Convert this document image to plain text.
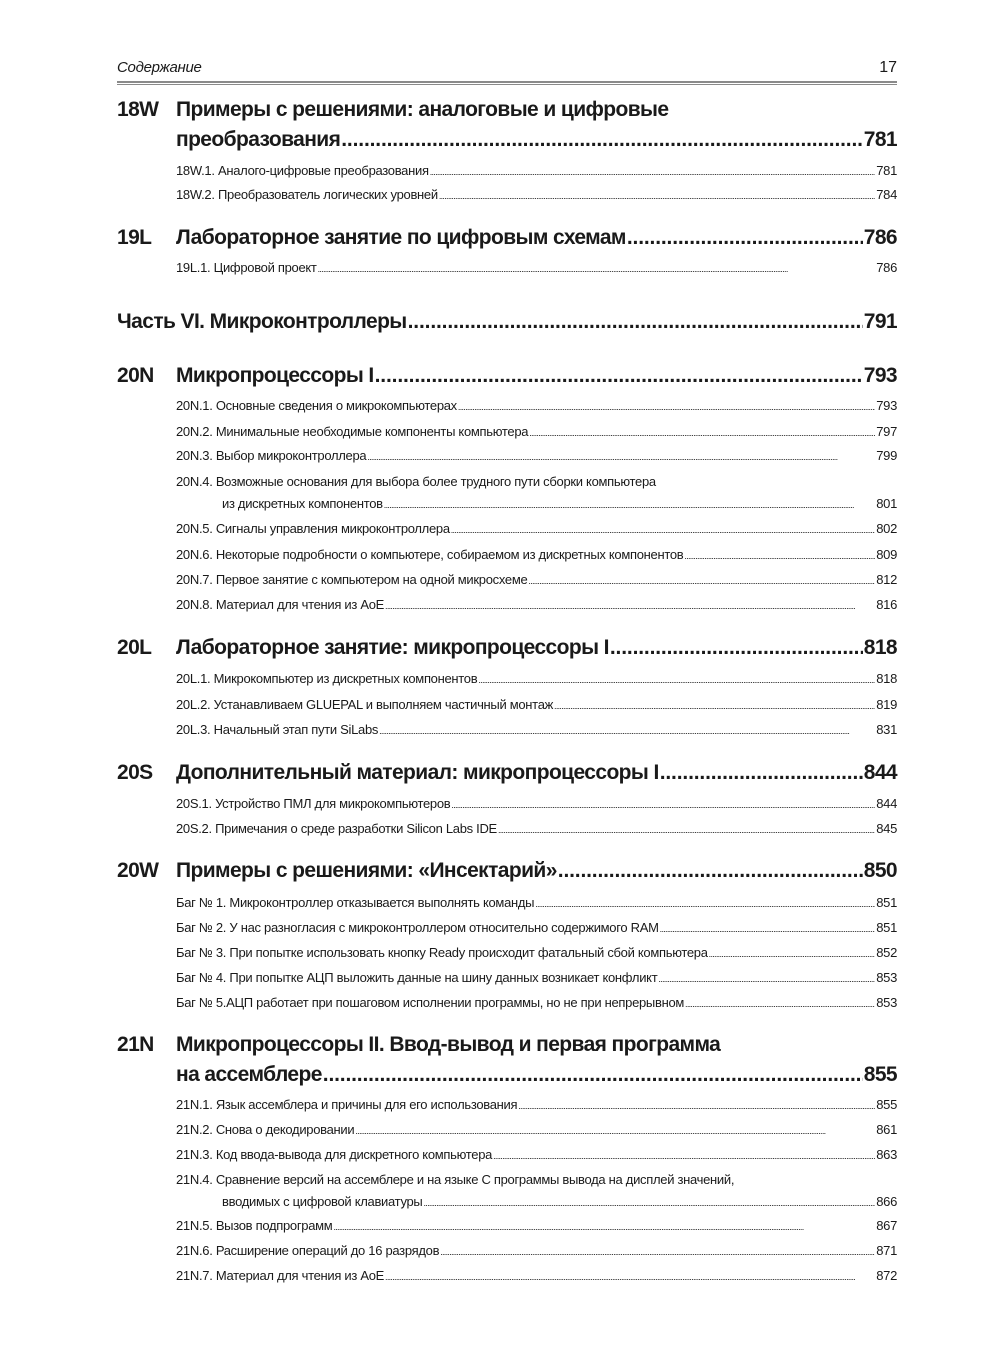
Содержание	17
18W Примеры с решениями: аналоговые и цифровые
преобразования . . .	781
18W.1. Аналого-цифровые преобразования . . .	781
18W.2. Преобразователь логических уровней . . .	784
19L Лабораторное занятие по цифровым схемам . . .	786
19L.1. Цифровой проект . . .	786
Часть VI. Микроконтроллеры . . .	791
20N Микропроцессоры I . . .	793
20N.1. Основные сведения о микрокомпьютерах . . .	793
20N.2. Минимальные необходимые компоненты компьютера . . .	797
20N.3. Выбор микроконтроллера . . .	799
20N.4. Возможные основания для выбора более трудного пути сборки компьютера
из дискретных компонентов . . .	801
20N.5. Сигналы управления микроконтроллера . . .	802
20N.6. Некоторые подробности о компьютере, собираемом из дискретных компонентов . . .	809
20N.7. Первое занятие с компьютером на одной микросхеме . . .	812
20N.8. Материал для чтения из AoE . . .	816
20L Лабораторное занятие: микропроцессоры I . . .	818
20L.1. Микрокомпьютер из дискретных компонентов . . .	818
20L.2. Устанавливаем GLUEPAL и выполняем частичный монтаж . . .	819
20L.3. Начальный этап пути SiLabs . . .	831
20S Дополнительный материал: микропроцессоры I . . .	844
20S.1. Устройство ПМЛ для микрокомпьютеров . . .	844
20S.2. Примечания о среде разработки Silicon Labs IDE . . .	845
20W Примеры с решениями: «Инсектарий» . . .	850
Баг № 1. Микроконтроллер отказывается выполнять команды . . .	851
Баг № 2. У нас разногласия с микроконтроллером относительно содержимого RAM . . .	851
Баг № 3. При попытке использовать кнопку Ready происходит фатальный сбой компьютера . . .	852
Баг № 4. При попытке АЦП выложить данные на шину данных возникает конфликт . . .	853
Баг № 5.АЦП работает при пошаговом исполнении программы, но не при непрерывном . . .	853
21N Микропроцессоры II. Ввод-вывод и первая программа
на ассемблере . . .	855
21N.1. Язык ассемблера и причины для его использования . . .	855
21N.2. Снова о декодировании . . .	861
21N.3. Код ввода-вывода для дискретного компьютера . . .	863
21N.4. Сравнение версий на ассемблере и на языке C программы вывода на дисплей значений,
вводимых с цифровой клавиатуры . . .	866
21N.5. Вызов подпрограмм . . .	867
21N.6. Расширение операций до 16 разрядов . . .	871
21N.7. Материал для чтения из AoE . . .	872
